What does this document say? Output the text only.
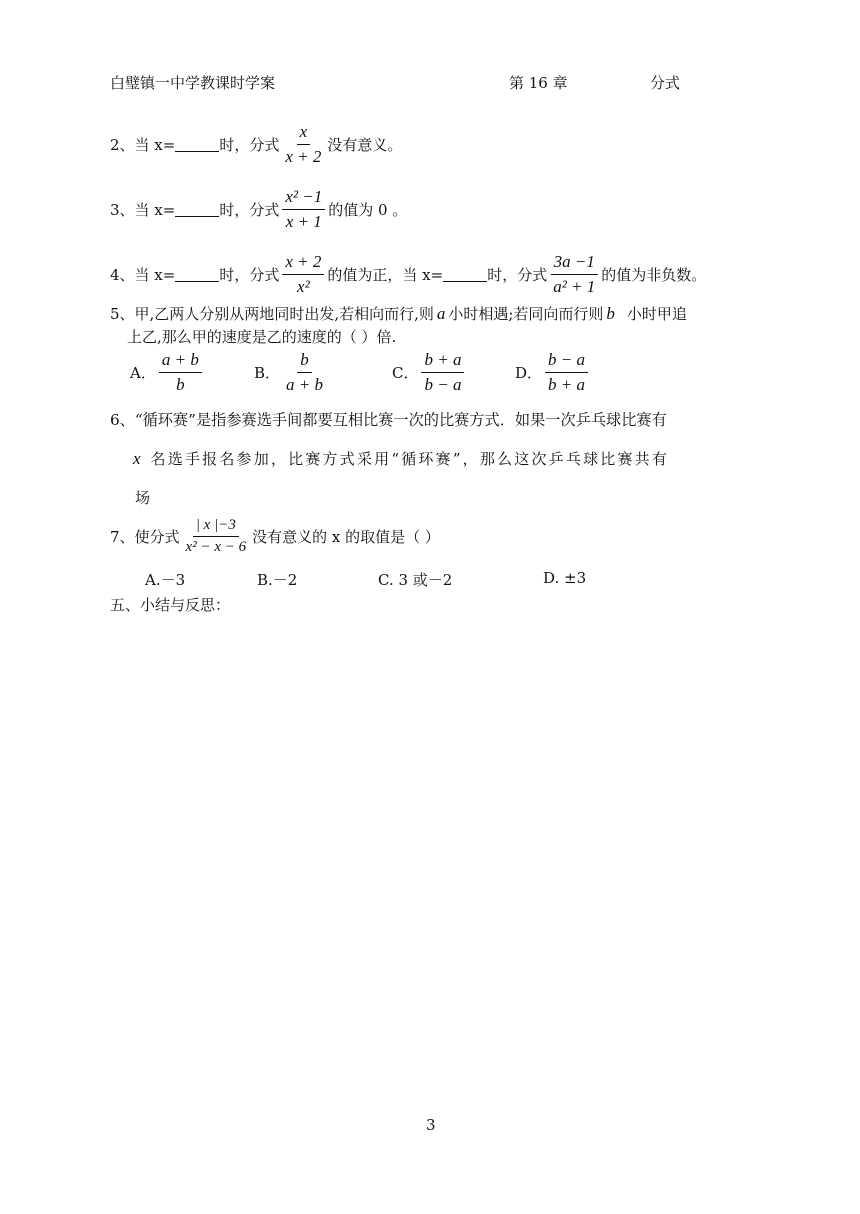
白璧镇一中学教课时学案	第 16 章	分式
2、当 x=	时，分式 $\frac{x}{x + 2}$ 没有意义。
3、当 x=	时，分式 $\frac{\text{x² −1}}{x + 1}$ 的值为 0 。
4、当 x=	时，分式 $\frac{x + 2}{\text{x²}}$ 的值为正，当 x=	时，分式 $\frac{3a -1}{\text{a² + 1}}$ 的值为非负数。
5、甲,乙两人分别从两地同时出发,若相向而行,则 a 小时相遇;若同向而行则 b 小时甲追
上乙,那么甲的速度是乙的速度的（ ）倍.
A． $\frac{a + b}{b}$	B． $\frac{b}{a + b}$	C． $\frac{b + a}{b - a}$	D． $\frac{b - a}{b + a}$
6、“循环赛”是指参赛选手间都要互相比赛一次的比赛方式．如果一次乒乓球比赛有
x 名选手报名参加，比赛方式采用“循环赛”，那么这次乒乓球比赛共有
场
7、使分式 $\frac{| x |-3}{\text{x² − x − 6}}$ 没有意义的 x 的取值是（ ）
A.－3	B.－2	C. 3 或－2	D. ±3
五、小结与反思：
3
